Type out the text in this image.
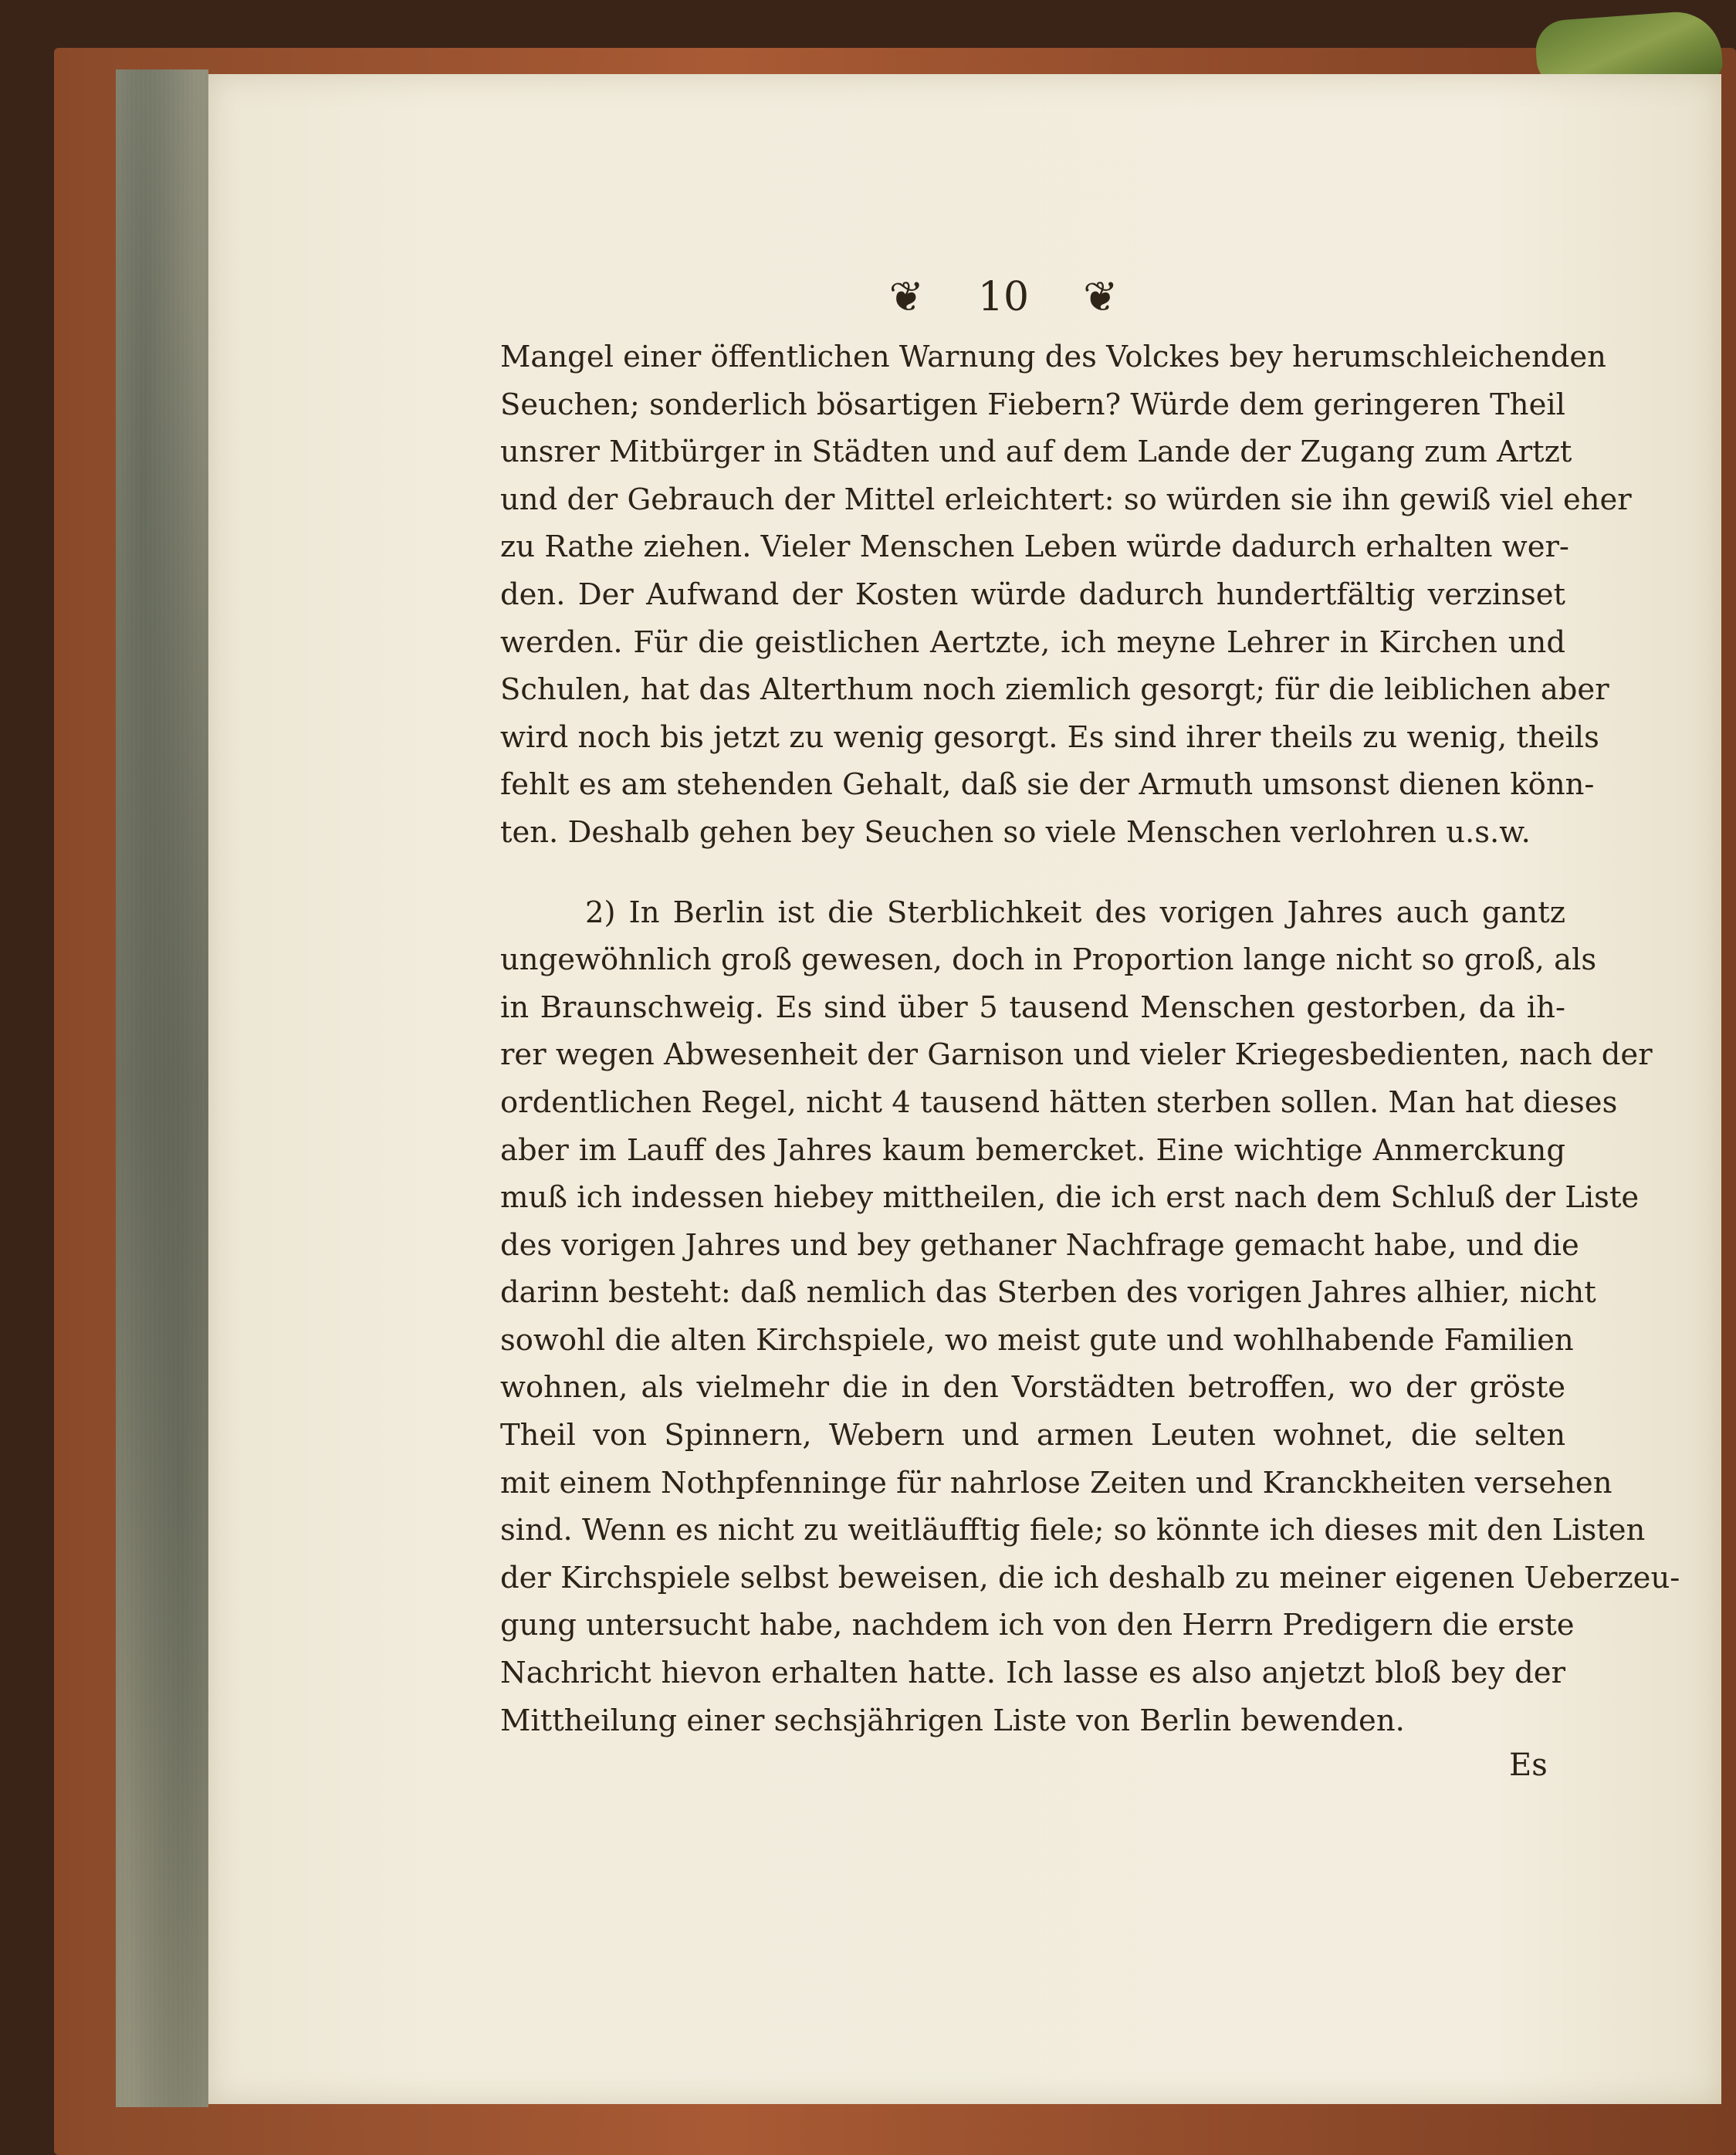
❦ 10 ❦
Mangel einer öffentlichen Warnung des Volckes bey herumschleichenden
Seuchen; sonderlich bösartigen Fiebern? Würde dem geringeren Theil
unsrer Mitbürger in Städten und auf dem Lande der Zugang zum Artzt
und der Gebrauch der Mittel erleichtert: so würden sie ihn gewiß viel eher
zu Rathe ziehen. Vieler Menschen Leben würde dadurch erhalten wer-
den. Der Aufwand der Kosten würde dadurch hundertfältig verzinset
werden. Für die geistlichen Aertzte, ich meyne Lehrer in Kirchen und
Schulen, hat das Alterthum noch ziemlich gesorgt; für die leiblichen aber
wird noch bis jetzt zu wenig gesorgt. Es sind ihrer theils zu wenig, theils
fehlt es am stehenden Gehalt, daß sie der Armuth umsonst dienen könn-
ten. Deshalb gehen bey Seuchen so viele Menschen verlohren u.s.w.
2) In Berlin ist die Sterblichkeit des vorigen Jahres auch gantz
ungewöhnlich groß gewesen, doch in Proportion lange nicht so groß, als
in Braunschweig. Es sind über 5 tausend Menschen gestorben, da ih-
rer wegen Abwesenheit der Garnison und vieler Kriegesbedienten, nach der
ordentlichen Regel, nicht 4 tausend hätten sterben sollen. Man hat dieses
aber im Lauff des Jahres kaum bemercket. Eine wichtige Anmerckung
muß ich indessen hiebey mittheilen, die ich erst nach dem Schluß der Liste
des vorigen Jahres und bey gethaner Nachfrage gemacht habe, und die
darinn besteht: daß nemlich das Sterben des vorigen Jahres alhier, nicht
sowohl die alten Kirchspiele, wo meist gute und wohlhabende Familien
wohnen, als vielmehr die in den Vorstädten betroffen, wo der gröste
Theil von Spinnern, Webern und armen Leuten wohnet, die selten
mit einem Nothpfenninge für nahrlose Zeiten und Kranckheiten versehen
sind. Wenn es nicht zu weitläufftig fiele; so könnte ich dieses mit den Listen
der Kirchspiele selbst beweisen, die ich deshalb zu meiner eigenen Ueberzeu-
gung untersucht habe, nachdem ich von den Herrn Predigern die erste
Nachricht hievon erhalten hatte. Ich lasse es also anjetzt bloß bey der
Mittheilung einer sechsjährigen Liste von Berlin bewenden.
Es
